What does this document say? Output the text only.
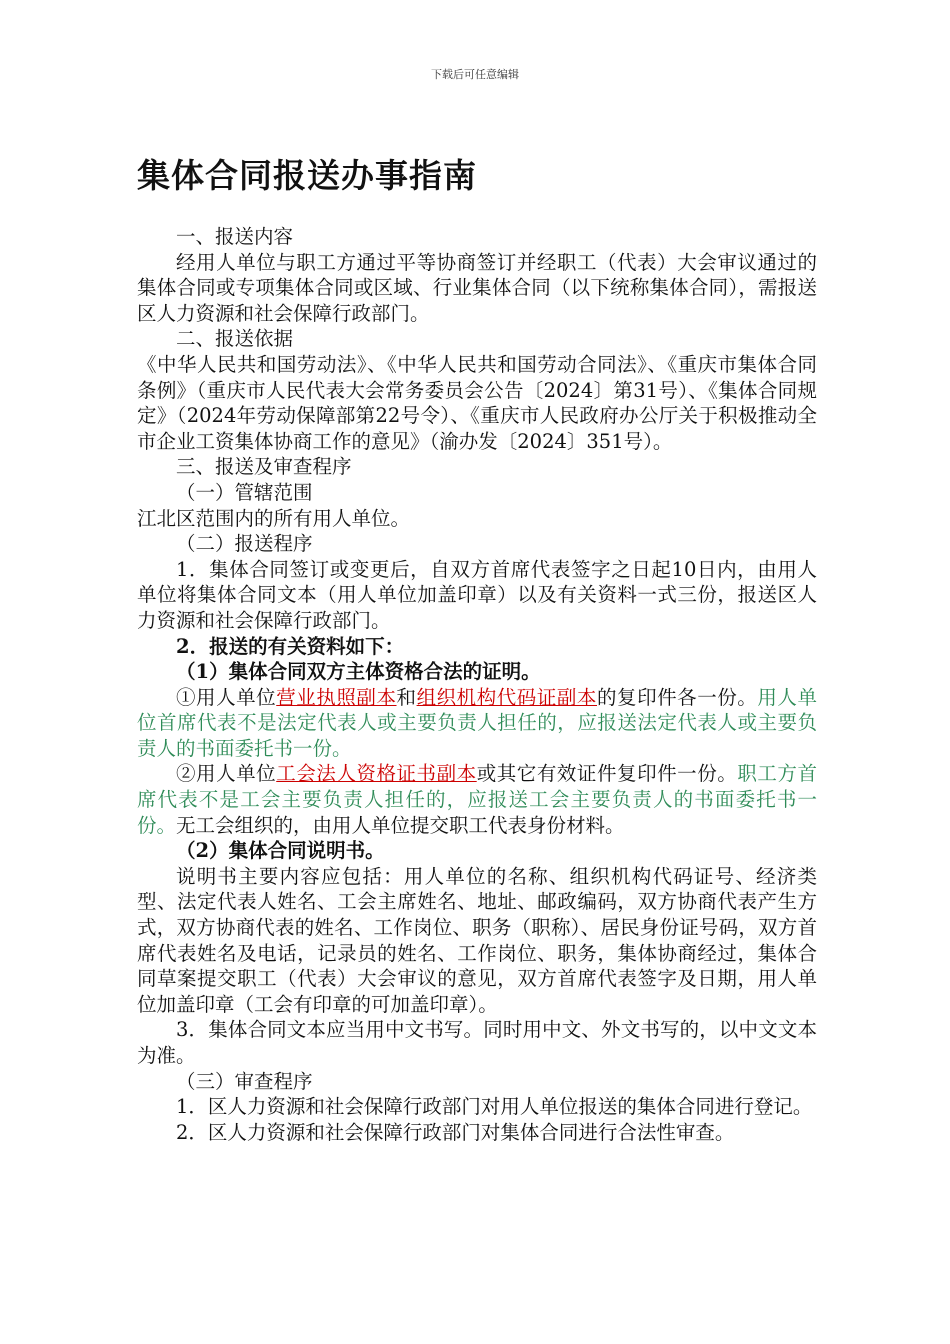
下载后可任意编辑
集体合同报送办事指南

一、报送内容

经用人单位与职工方通过平等协商签订并经职工（代表）大会审议通过的集体合同或专项集体合同或区域、行业集体合同（以下统称集体合同），需报送区人力资源和社会保障行政部门。

二、报送依据

《中华人民共和国劳动法》、《中华人民共和国劳动合同法》、《重庆市集体合同条例》（重庆市人民代表大会常务委员会公告〔2024〕第31号）、《集体合同规定》（2024年劳动保障部第22号令）、《重庆市人民政府办公厅关于积极推动全市企业工资集体协商工作的意见》（渝办发〔2024〕351号）。

三、报送及审查程序

（一）管辖范围

江北区范围内的所有用人单位。

（二）报送程序

1．集体合同签订或变更后，自双方首席代表签字之日起10日内，由用人单位将集体合同文本（用人单位加盖印章）以及有关资料一式三份，报送区人力资源和社会保障行政部门。

2．报送的有关资料如下：

（1）集体合同双方主体资格合法的证明。

①用人单位营业执照副本和组织机构代码证副本的复印件各一份。用人单位首席代表不是法定代表人或主要负责人担任的，应报送法定代表人或主要负责人的书面委托书一份。

②用人单位工会法人资格证书副本或其它有效证件复印件一份。职工方首席代表不是工会主要负责人担任的，应报送工会主要负责人的书面委托书一份。无工会组织的，由用人单位提交职工代表身份材料。

（2）集体合同说明书。

说明书主要内容应包括：用人单位的名称、组织机构代码证号、经济类型、法定代表人姓名、工会主席姓名、地址、邮政编码，双方协商代表产生方式，双方协商代表的姓名、工作岗位、职务（职称）、居民身份证号码，双方首席代表姓名及电话，记录员的姓名、工作岗位、职务，集体协商经过，集体合同草案提交职工（代表）大会审议的意见，双方首席代表签字及日期，用人单位加盖印章（工会有印章的可加盖印章）。

3．集体合同文本应当用中文书写。同时用中文、外文书写的，以中文文本为准。

（三）审查程序

1．区人力资源和社会保障行政部门对用人单位报送的集体合同进行登记。

2．区人力资源和社会保障行政部门对集体合同进行合法性审查。
